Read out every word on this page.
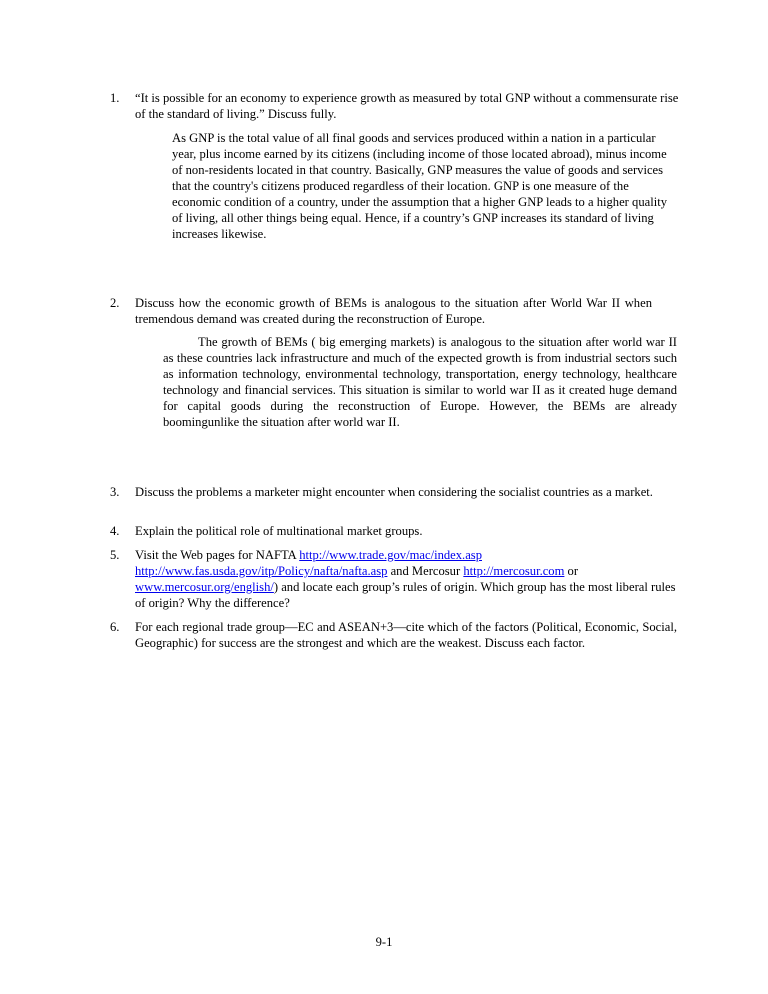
1. “It is possible for an economy to experience growth as measured by total GNP without a commensurate rise of the standard of living.” Discuss fully.
As GNP is the total value of all final goods and services produced within a nation in a particular year, plus income earned by its citizens (including income of those located abroad), minus income of non-residents located in that country. Basically, GNP measures the value of goods and services that the country's citizens produced regardless of their location. GNP is one measure of the economic condition of a country, under the assumption that a higher GNP leads to a higher quality of living, all other things being equal. Hence, if a country’s GNP increases its standard of living increases likewise.
2. Discuss how the economic growth of BEMs is analogous to the situation after World War II when tremendous demand was created during the reconstruction of Europe.
The growth of BEMs ( big emerging markets) is analogous to the situation after world war II as these countries lack infrastructure and much of the expected growth is from industrial sectors such as information technology, environmental technology, transportation, energy technology, healthcare technology and financial services. This situation is similar to world war II as it created huge demand for capital goods during the reconstruction of Europe. However, the BEMs are already boomingunlike the situation after world war II.
3. Discuss the problems a marketer might encounter when considering the socialist countries as a market.
4. Explain the political role of multinational market groups.
5. Visit the Web pages for NAFTA http://www.trade.gov/mac/index.asp
http://www.fas.usda.gov/itp/Policy/nafta/nafta.asp and Mercosur http://mercosur.com or
www.mercosur.org/english/) and locate each group’s rules of origin. Which group has the most liberal rules of origin? Why the difference?
6. For each regional trade group—EC and ASEAN+3—cite which of the factors (Political, Economic, Social, Geographic) for success are the strongest and which are the weakest. Discuss each factor.
9-1
